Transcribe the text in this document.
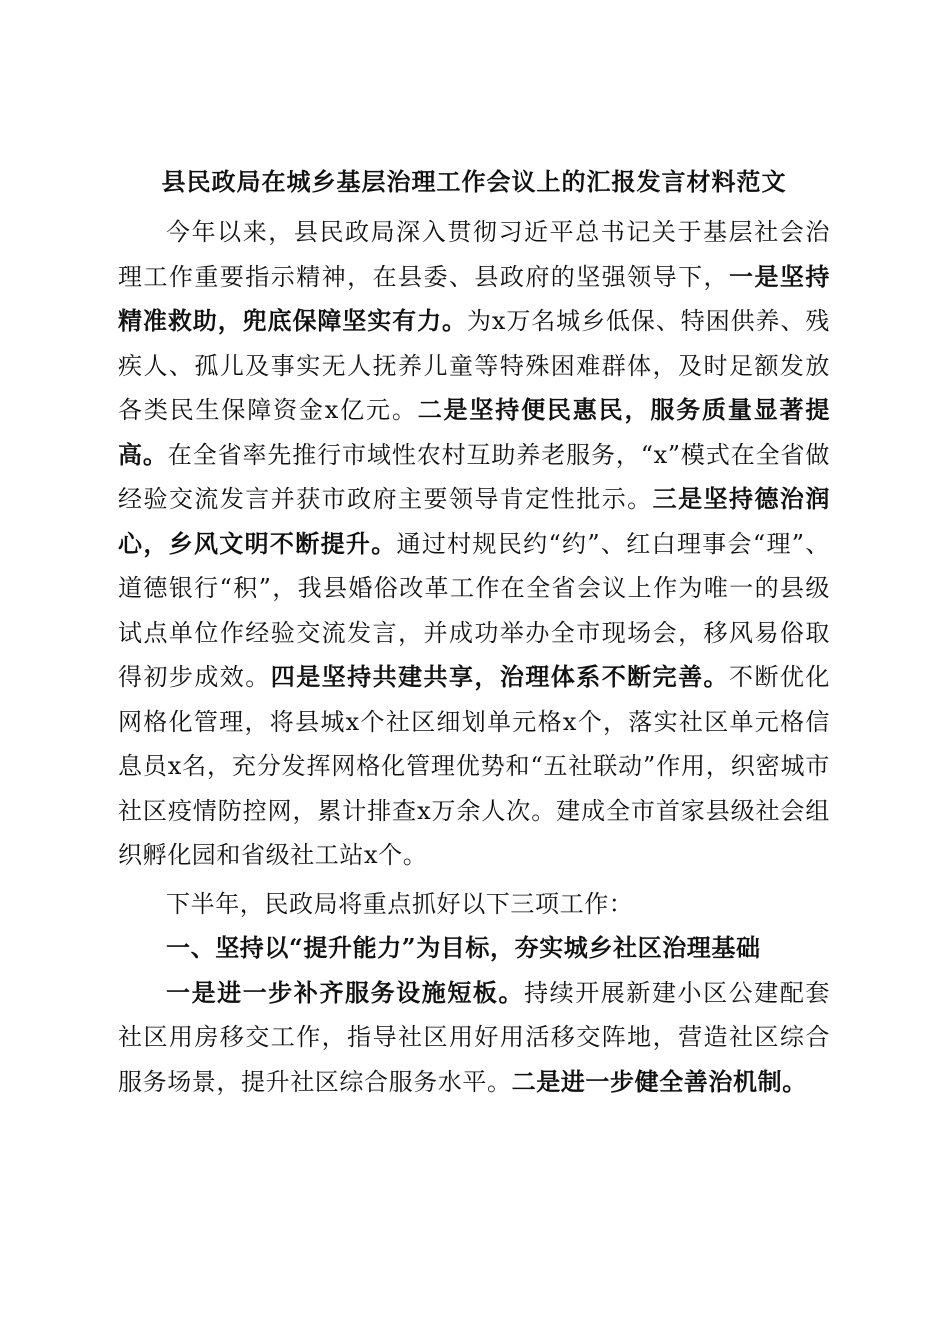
县民政局在城乡基层治理工作会议上的汇报发言材料范文

今年以来，县民政局深入贯彻习近平总书记关于基层社会治理工作重要指示精神，在县委、县政府的坚强领导下，一是坚持精准救助，兜底保障坚实有力。为x万名城乡低保、特困供养、残疾人、孤儿及事实无人抚养儿童等特殊困难群体，及时足额发放各类民生保障资金x亿元。二是坚持便民惠民，服务质量显著提高。在全省率先推行市域性农村互助养老服务，“x”模式在全省做经验交流发言并获市政府主要领导肯定性批示。三是坚持德治润心，乡风文明不断提升。通过村规民约“约”、红白理事会“理”、道德银行“积”，我县婚俗改革工作在全省会议上作为唯一的县级试点单位作经验交流发言，并成功举办全市现场会，移风易俗取得初步成效。四是坚持共建共享，治理体系不断完善。不断优化网格化管理，将县城x个社区细划单元格x个，落实社区单元格信息员x名，充分发挥网格化管理优势和“五社联动”作用，织密城市社区疫情防控网，累计排查x万余人次。建成全市首家县级社会组织孵化园和省级社工站x个。

下半年，民政局将重点抓好以下三项工作：

一、坚持以“提升能力”为目标，夯实城乡社区治理基础

一是进一步补齐服务设施短板。持续开展新建小区公建配套社区用房移交工作，指导社区用好用活移交阵地，营造社区综合服务场景，提升社区综合服务水平。二是进一步健全善治机制。
